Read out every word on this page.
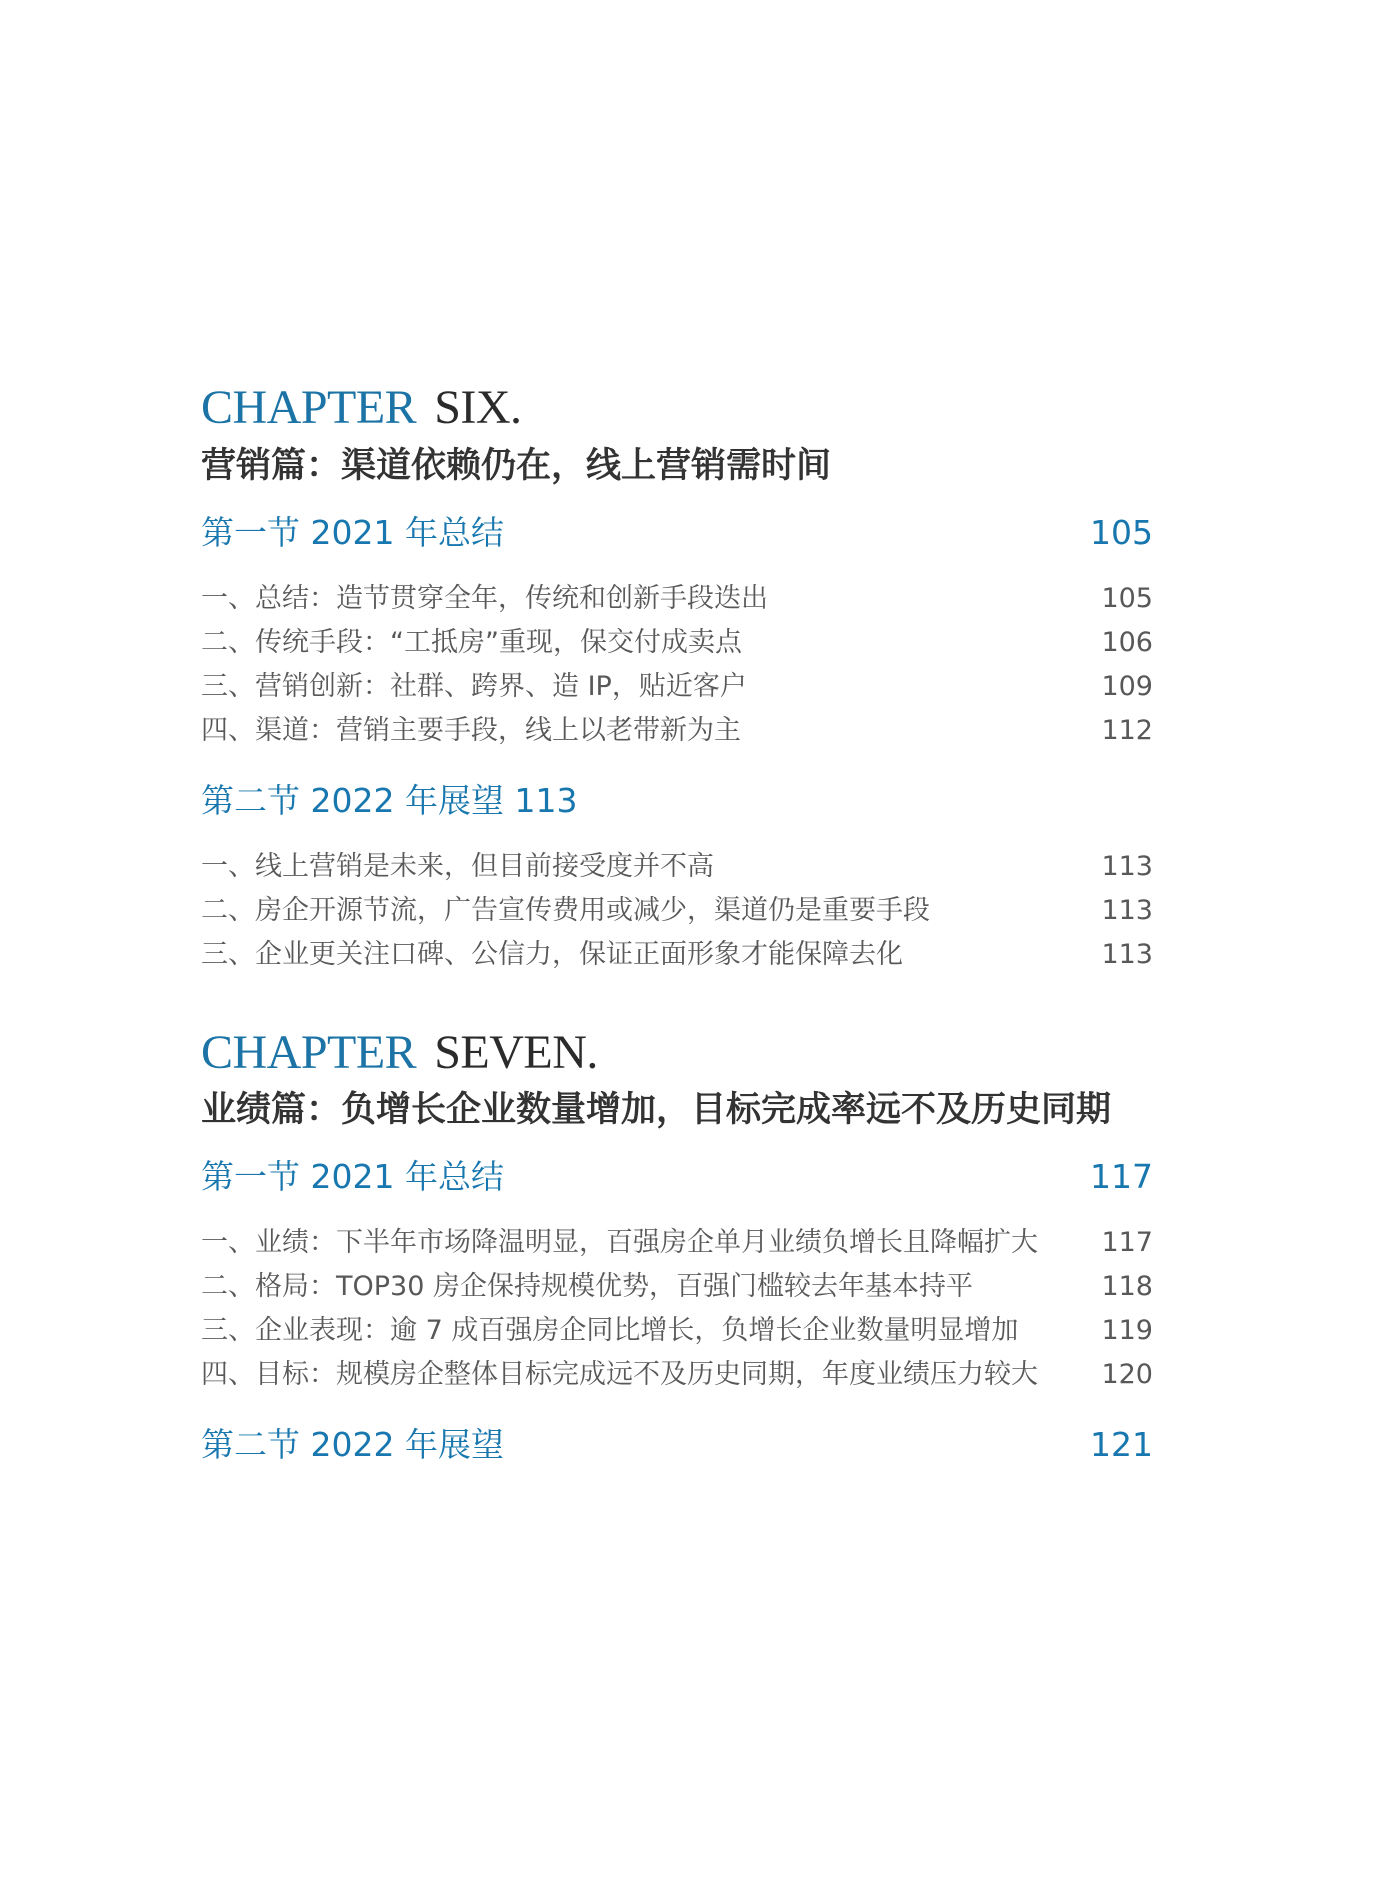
CHAPTER SIX.
营销篇：渠道依赖仍在，线上营销需时间
第一节 2021 年总结	105
一、总结：造节贯穿全年，传统和创新手段迭出	105
二、传统手段：“工抵房”重现，保交付成卖点	106
三、营销创新：社群、跨界、造 IP，贴近客户	109
四、渠道：营销主要手段，线上以老带新为主	112
第二节 2022 年展望 113
一、线上营销是未来，但目前接受度并不高	113
二、房企开源节流，广告宣传费用或减少，渠道仍是重要手段	113
三、企业更关注口碑、公信力，保证正面形象才能保障去化	113
CHAPTER SEVEN.
业绩篇：负增长企业数量增加，目标完成率远不及历史同期
第一节 2021 年总结	117
一、业绩：下半年市场降温明显，百强房企单月业绩负增长且降幅扩大 117
二、格局：TOP30 房企保持规模优势，百强门槛较去年基本持平	118
三、企业表现：逾 7 成百强房企同比增长，负增长企业数量明显增加	119
四、目标：规模房企整体目标完成远不及历史同期，年度业绩压力较大 120
第二节 2022 年展望	121
